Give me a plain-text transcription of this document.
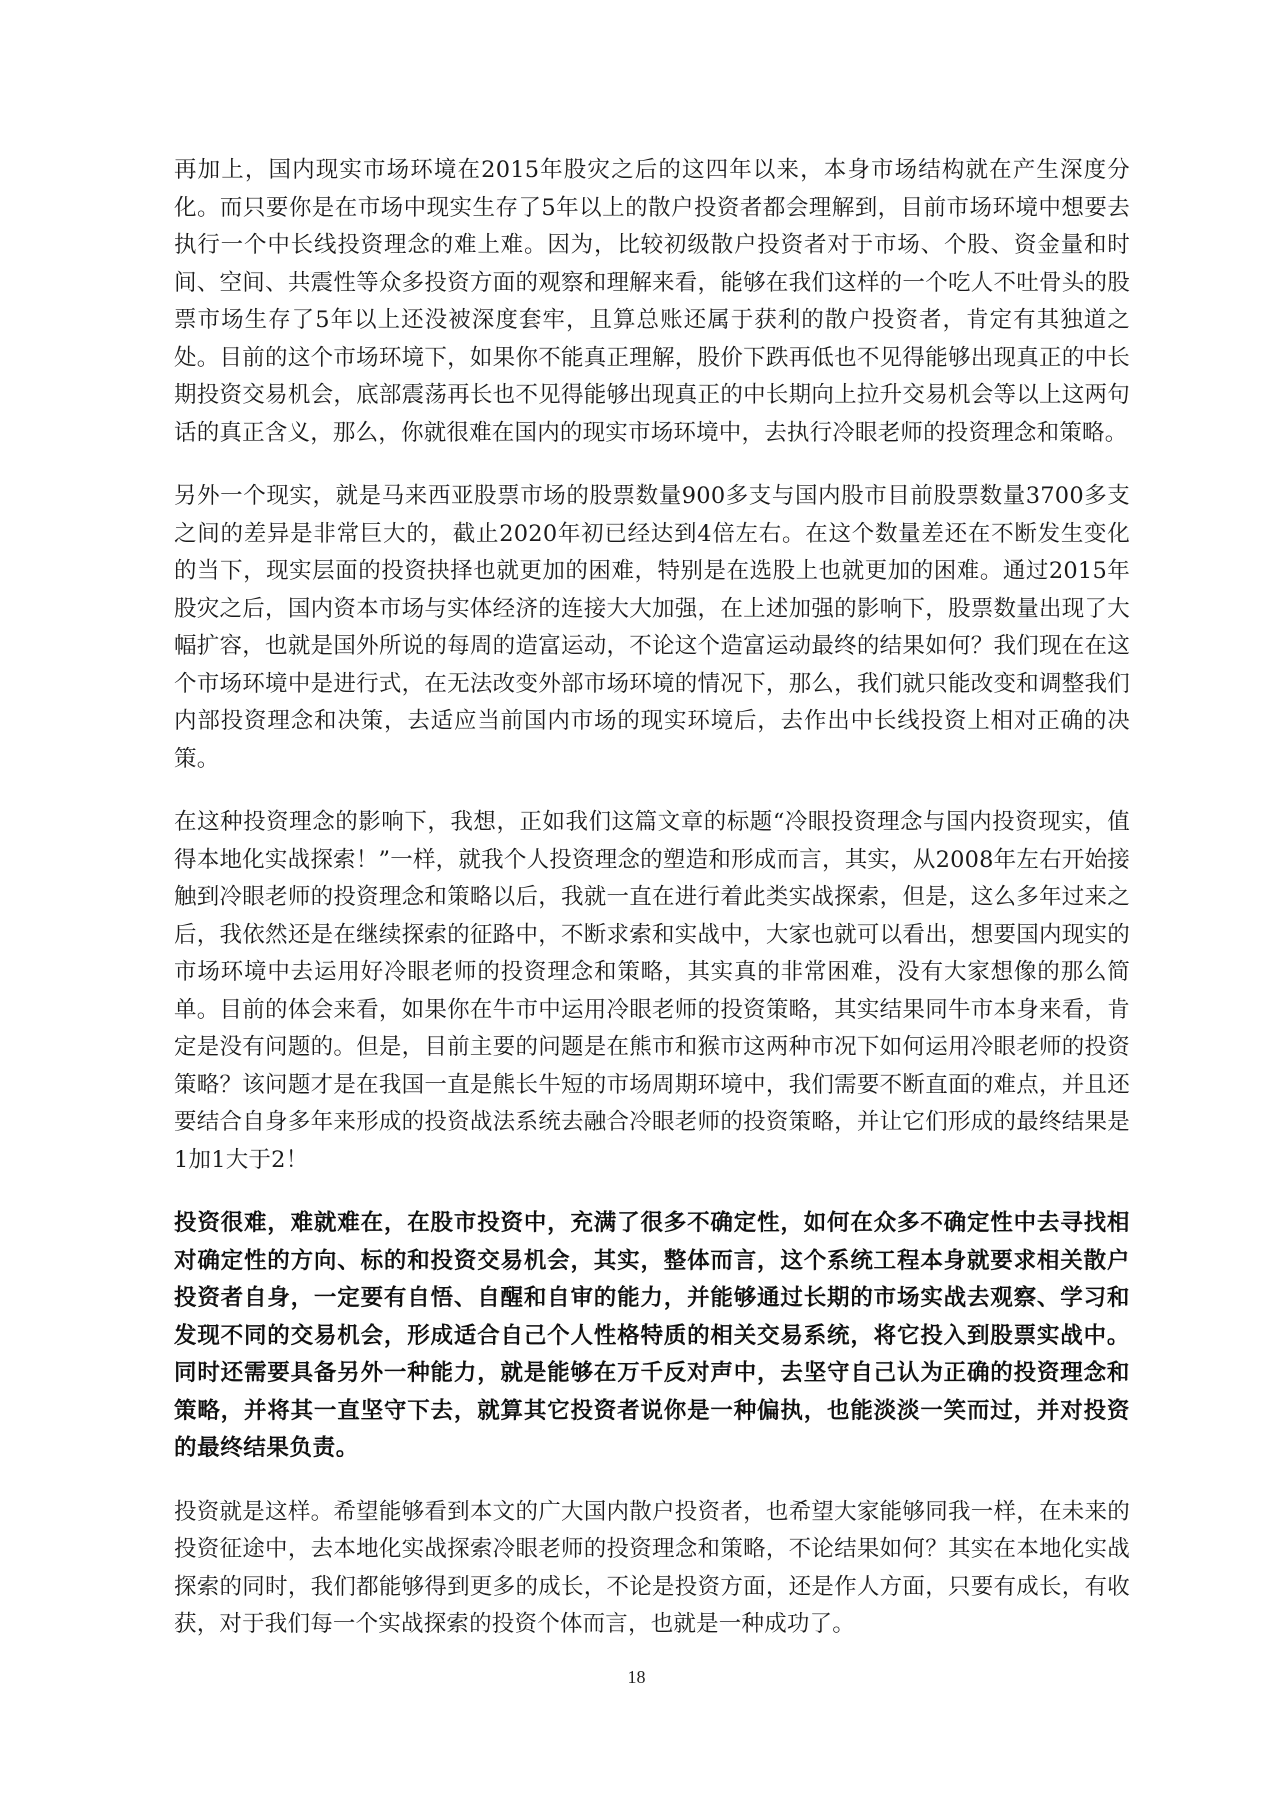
再加上，国内现实市场环境在2015年股灾之后的这四年以来，本身市场结构就在产生深度分化。而只要你是在市场中现实生存了5年以上的散户投资者都会理解到，目前市场环境中想要去执行一个中长线投资理念的难上难。因为，比较初级散户投资者对于市场、个股、资金量和时间、空间、共震性等众多投资方面的观察和理解来看，能够在我们这样的一个吃人不吐骨头的股票市场生存了5年以上还没被深度套牢，且算总账还属于获利的散户投资者，肯定有其独道之处。目前的这个市场环境下，如果你不能真正理解，股价下跌再低也不见得能够出现真正的中长期投资交易机会，底部震荡再长也不见得能够出现真正的中长期向上拉升交易机会等以上这两句话的真正含义，那么，你就很难在国内的现实市场环境中，去执行冷眼老师的投资理念和策略。

另外一个现实，就是马来西亚股票市场的股票数量900多支与国内股市目前股票数量3700多支之间的差异是非常巨大的，截止2020年初已经达到4倍左右。在这个数量差还在不断发生变化的当下，现实层面的投资抉择也就更加的困难，特别是在选股上也就更加的困难。通过2015年股灾之后，国内资本市场与实体经济的连接大大加强，在上述加强的影响下，股票数量出现了大幅扩容，也就是国外所说的每周的造富运动，不论这个造富运动最终的结果如何？我们现在在这个市场环境中是进行式，在无法改变外部市场环境的情况下，那么，我们就只能改变和调整我们内部投资理念和决策，去适应当前国内市场的现实环境后，去作出中长线投资上相对正确的决策。

在这种投资理念的影响下，我想，正如我们这篇文章的标题“冷眼投资理念与国内投资现实，值得本地化实战探索！”一样，就我个人投资理念的塑造和形成而言，其实，从2008年左右开始接触到冷眼老师的投资理念和策略以后，我就一直在进行着此类实战探索，但是，这么多年过来之后，我依然还是在继续探索的征路中，不断求索和实战中，大家也就可以看出，想要国内现实的市场环境中去运用好冷眼老师的投资理念和策略，其实真的非常困难，没有大家想像的那么简单。目前的体会来看，如果你在牛市中运用冷眼老师的投资策略，其实结果同牛市本身来看，肯定是没有问题的。但是，目前主要的问题是在熊市和猴市这两种市况下如何运用冷眼老师的投资策略？该问题才是在我国一直是熊长牛短的市场周期环境中，我们需要不断直面的难点，并且还要结合自身多年来形成的投资战法系统去融合冷眼老师的投资策略，并让它们形成的最终结果是1加1大于2！

投资很难，难就难在，在股市投资中，充满了很多不确定性，如何在众多不确定性中去寻找相对确定性的方向、标的和投资交易机会，其实，整体而言，这个系统工程本身就要求相关散户投资者自身，一定要有自悟、自醒和自审的能力，并能够通过长期的市场实战去观察、学习和发现不同的交易机会，形成适合自己个人性格特质的相关交易系统，将它投入到股票实战中。同时还需要具备另外一种能力，就是能够在万千反对声中，去坚守自己认为正确的投资理念和策略，并将其一直坚守下去，就算其它投资者说你是一种偏执，也能淡淡一笑而过，并对投资的最终结果负责。

投资就是这样。希望能够看到本文的广大国内散户投资者，也希望大家能够同我一样，在未来的投资征途中，去本地化实战探索冷眼老师的投资理念和策略，不论结果如何？其实在本地化实战探索的同时，我们都能够得到更多的成长，不论是投资方面，还是作人方面，只要有成长，有收获，对于我们每一个实战探索的投资个体而言，也就是一种成功了。

18
